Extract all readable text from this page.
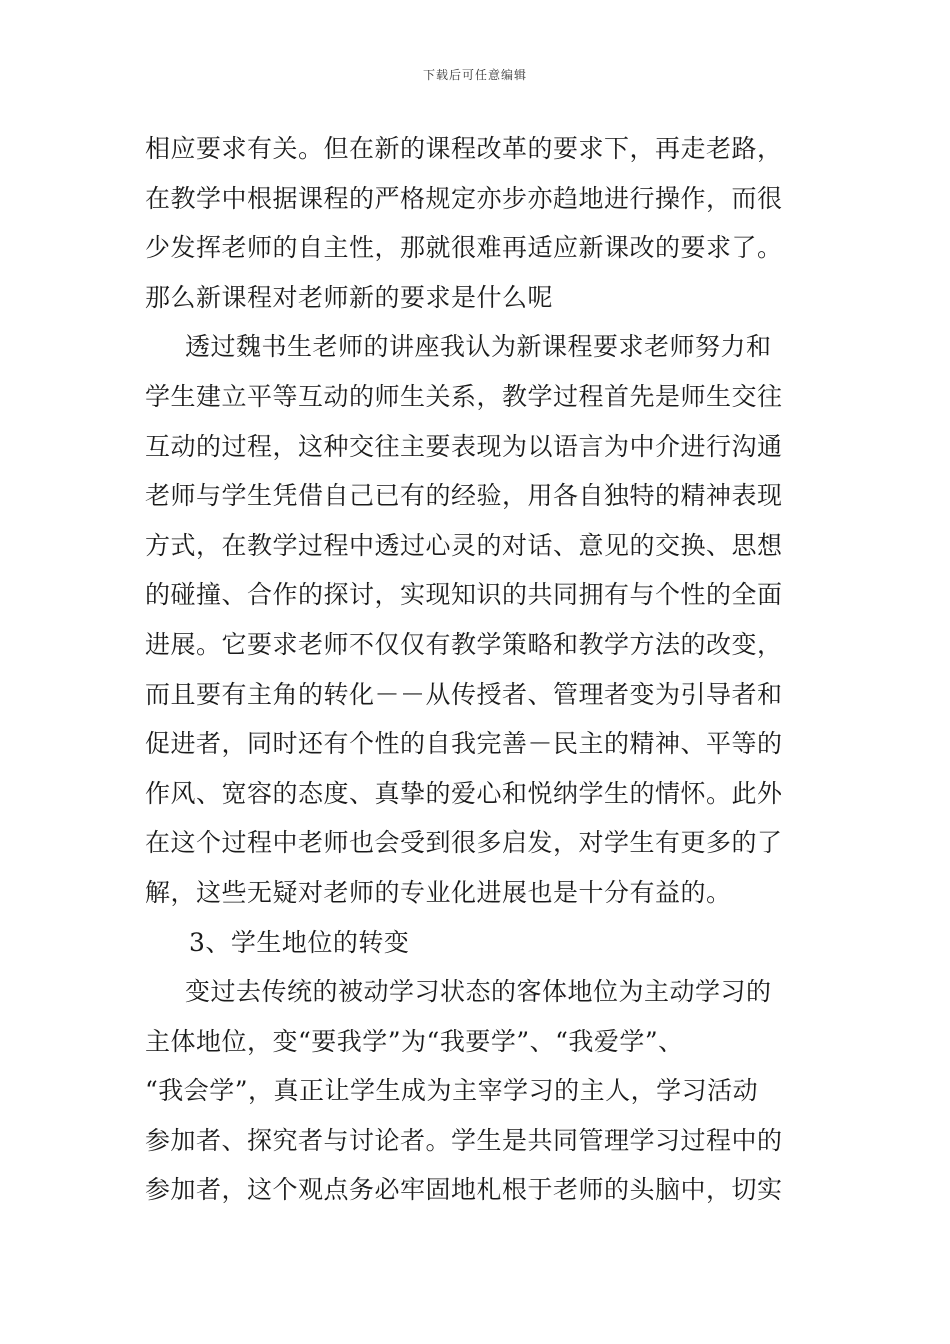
下载后可任意编辑
相应要求有关。但在新的课程改革的要求下，再走老路，
在教学中根据课程的严格规定亦步亦趋地进行操作，而很
少发挥老师的自主性，那就很难再适应新课改的要求了。
那么新课程对老师新的要求是什么呢
透过魏书生老师的讲座我认为新课程要求老师努力和
学生建立平等互动的师生关系，教学过程首先是师生交往
互动的过程，这种交往主要表现为以语言为中介进行沟通
老师与学生凭借自己已有的经验，用各自独特的精神表现
方式，在教学过程中透过心灵的对话、意见的交换、思想
的碰撞、合作的探讨，实现知识的共同拥有与个性的全面
进展。它要求老师不仅仅有教学策略和教学方法的改变，
而且要有主角的转化－－从传授者、管理者变为引导者和
促进者，同时还有个性的自我完善－民主的精神、平等的
作风、宽容的态度、真挚的爱心和悦纳学生的情怀。此外
在这个过程中老师也会受到很多启发，对学生有更多的了
解，这些无疑对老师的专业化进展也是十分有益的。
3、学生地位的转变
变过去传统的被动学习状态的客体地位为主动学习的
主体地位，变“要我学”为“我要学”、“我爱学”、
“我会学”，真正让学生成为主宰学习的主人，学习活动
参加者、探究者与讨论者。学生是共同管理学习过程中的
参加者，这个观点务必牢固地札根于老师的头脑中，切实
